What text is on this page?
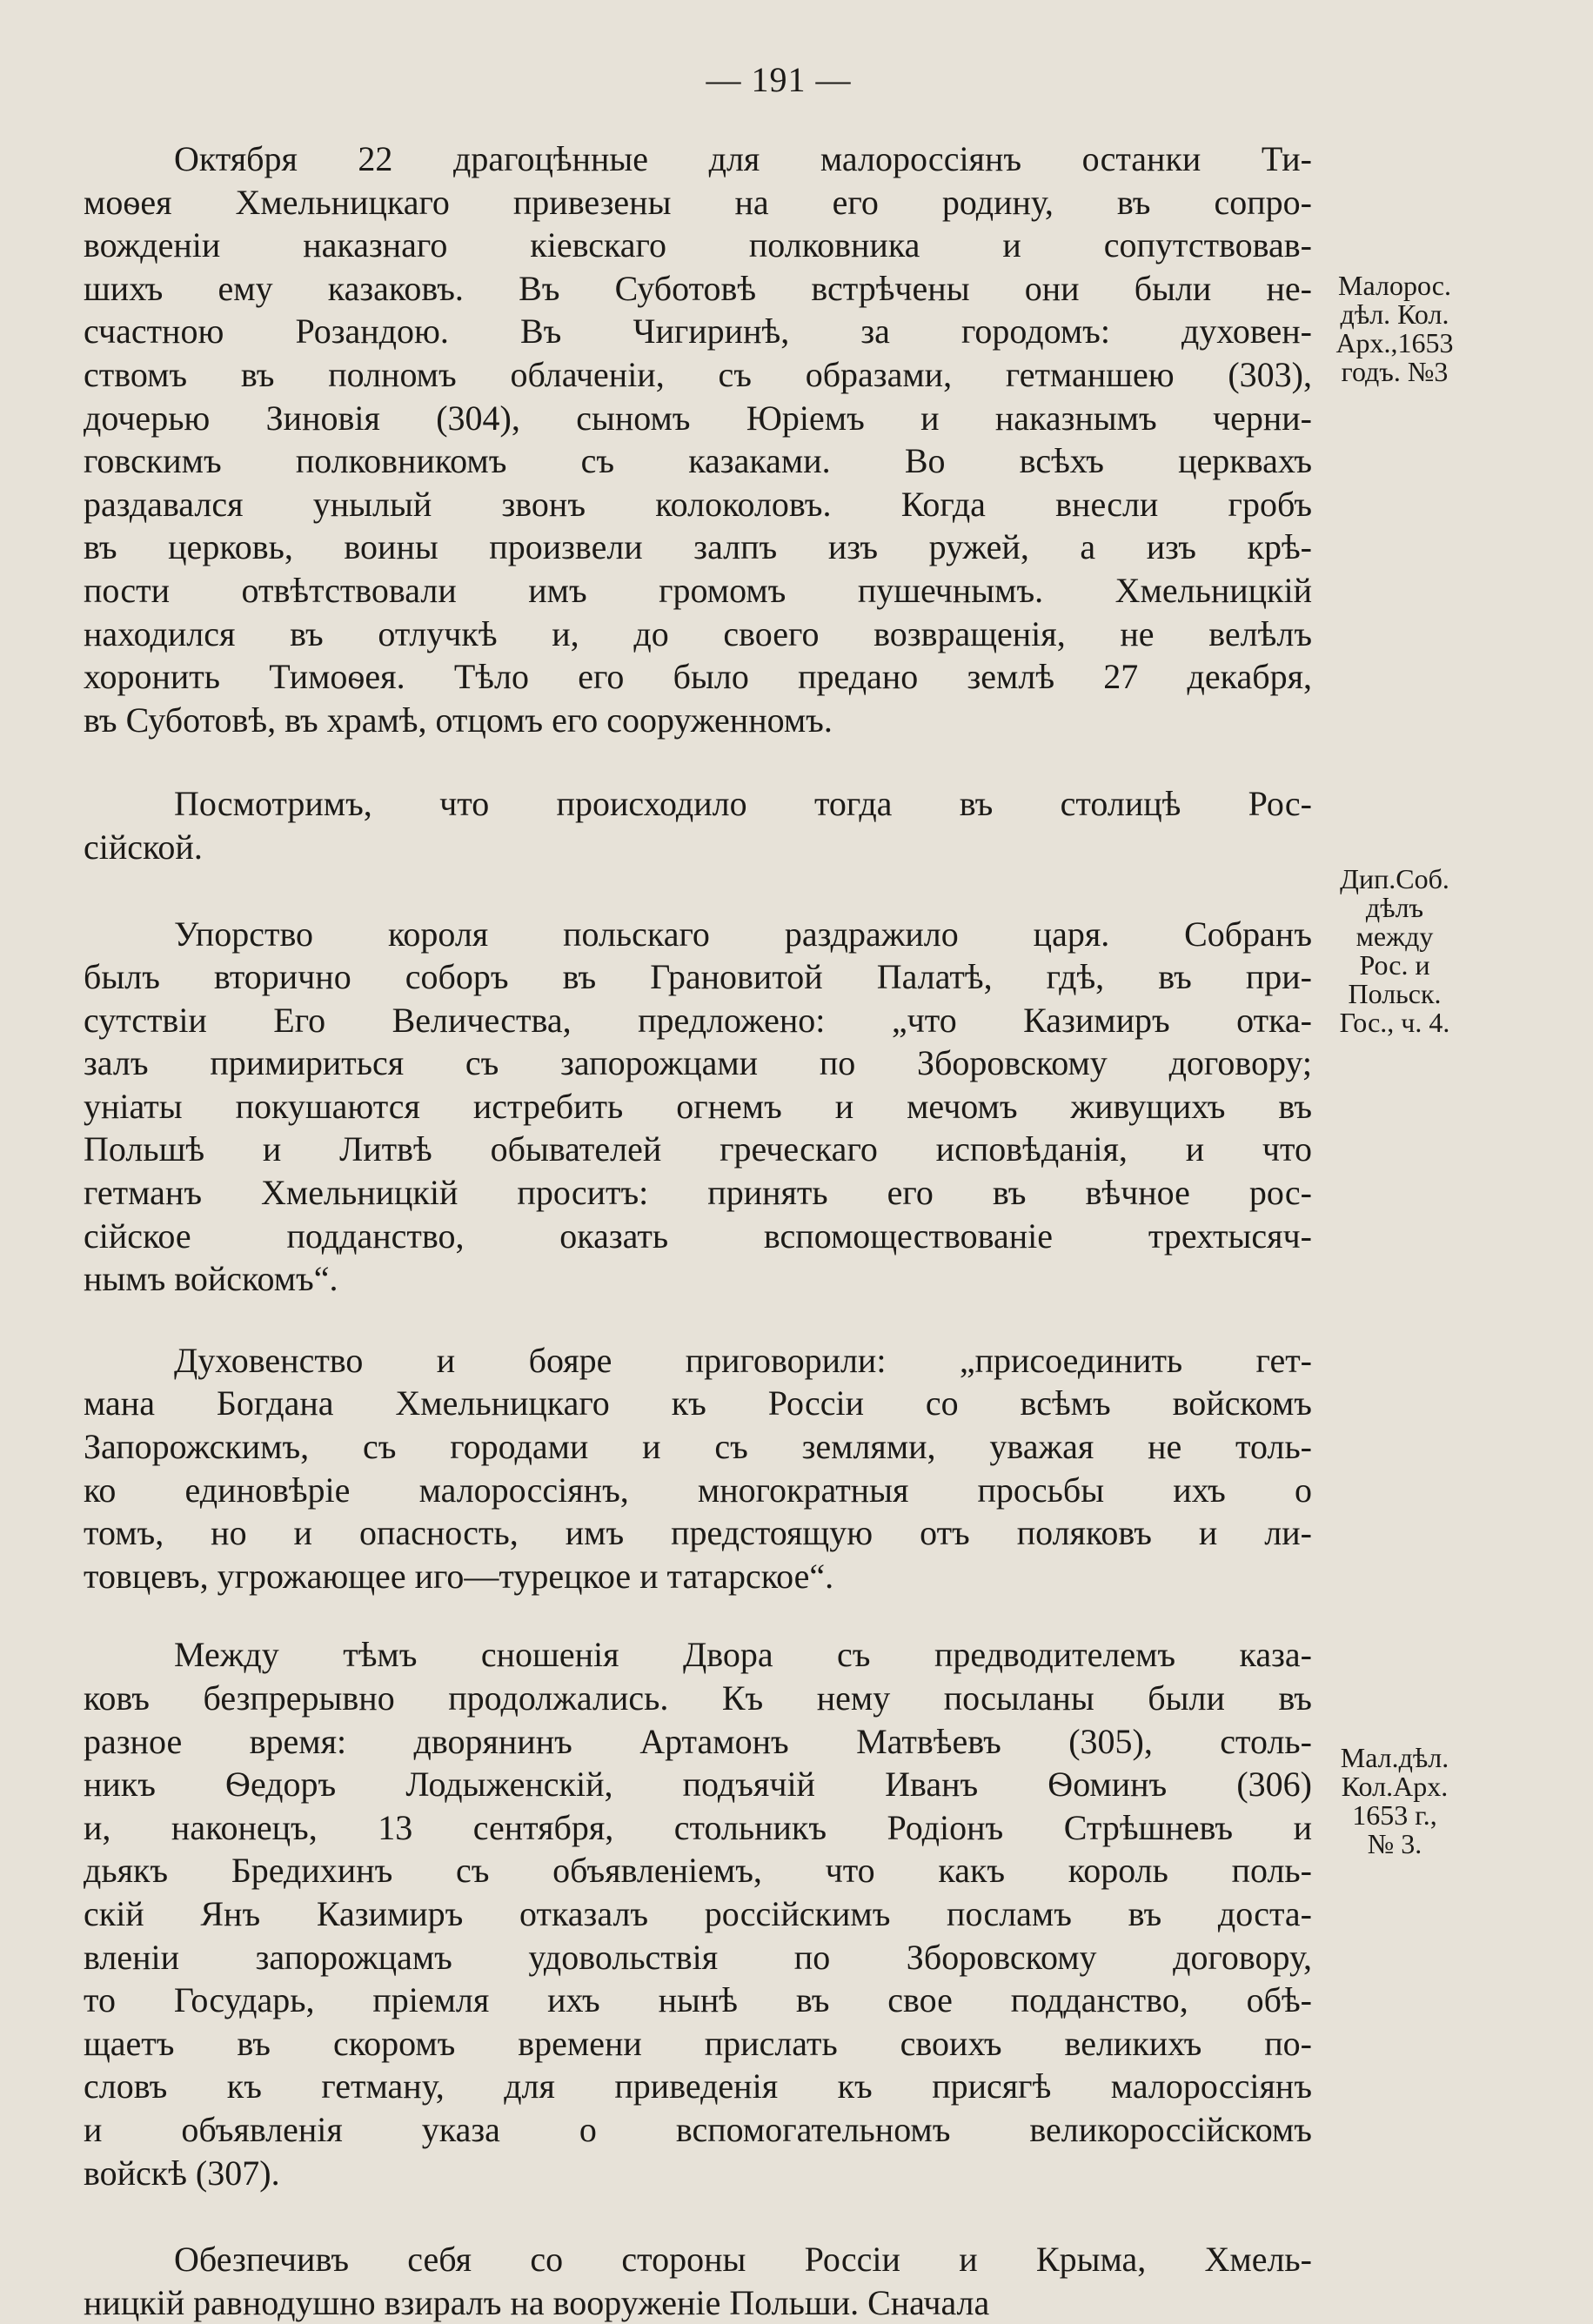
— 191 —
Октября 22 драгоцѣнные для малороссіянъ останки Ти-
моѳея Хмельницкаго привезены на его родину, въ сопро-
вожденіи наказнаго кіевскаго полковника и сопутствовав-
шихъ ему казаковъ. Въ Суботовѣ встрѣчены они были нe-
счастною Розандою. Въ Чигиринѣ, за городомъ: духовен-
ствомъ въ полномъ облаченіи, съ образами, гетманшею (303),
дочерью Зиновія (304), сыномъ Юріемъ и наказнымъ черни-
говскимъ полковникомъ съ казаками. Во всѣхъ церквахъ
раздавался унылый звонъ колоколовъ. Когда внесли гробъ
въ церковь, воины произвели залпъ изъ ружей, а изъ крѣ-
пости отвѣтствовали имъ громомъ пушечнымъ. Хмельницкій
находился въ отлучкѣ и, до своего возвращенія, не велѣлъ
хоронить Тимоѳея. Тѣло его было предано землѣ 27 декабря,
въ Суботовѣ, въ храмѣ, отцомъ его сооруженномъ.
Посмотримъ, что происходило тогда въ столицѣ Рос-
сійской.
Упорство короля польскаго раздражило царя. Собранъ
былъ вторично соборъ въ Грановитой Палатѣ, гдѣ, въ при-
сутствіи Его Величества, предложено: „что Казимиръ отка-
залъ примириться съ запорожцами по Зборовскому договору;
уніаты покушаются истребить огнемъ и мечомъ живущихъ въ
Польшѣ и Литвѣ обывателей греческаго исповѣданія, и что
гетманъ Хмельницкій проситъ: принять его въ вѣчное рос-
сійское подданство, оказать вспомоществованіе трехтысяч-
нымъ войскомъ“.
Духовенство и бояре приговорили: „присоединить гет-
мана Богдана Хмельницкаго къ Россіи со всѣмъ войскомъ
Запорожскимъ, съ городами и съ землями, уважая не толь-
ко единовѣріе малороссіянъ, многократныя просьбы ихъ о
томъ, но и опасность, имъ предстоящую отъ поляковъ и ли-
товцевъ, угрожающее иго—турецкое и татарское“.
Между тѣмъ сношенія Двора съ предводителемъ каза-
ковъ безпрерывно продолжались. Къ нему посыланы были въ
разное время: дворянинъ Артамонъ Матвѣевъ (305), столь-
никъ Ѳедоръ Лодыженскій, подъячій Иванъ Ѳоминъ (306)
и, наконецъ, 13 сентября, стольникъ Родіонъ Стрѣшневъ и
дьякъ Бредихинъ съ объявленіемъ, что какъ король поль-
скій Янъ Казимиръ отказалъ россійскимъ посламъ въ доста-
вленіи запорожцамъ удовольствія по Зборовскому договору,
то Государь, пріемля ихъ нынѣ въ свое подданство, обѣ-
щаетъ въ скоромъ времени прислать своихъ великихъ по-
словъ къ гетману, для приведенія къ присягѣ малороссіянъ
и объявленія указа о вспомогательномъ великороссійскомъ
войскѣ (307).
Обезпечивъ себя со стороны Россіи и Крыма, Хмель-
ницкій равнодушно взиралъ на вооруженіе Польши. Сначала
Малорос.
дѣл. Кол.
Арх.,1653
годъ. №3
Дип.Соб.
дѣлъ
между
Рос. и
Польск.
Гос., ч. 4.
Мал.дѣл.
Кол.Арх.
1653 г.,
№ 3.
